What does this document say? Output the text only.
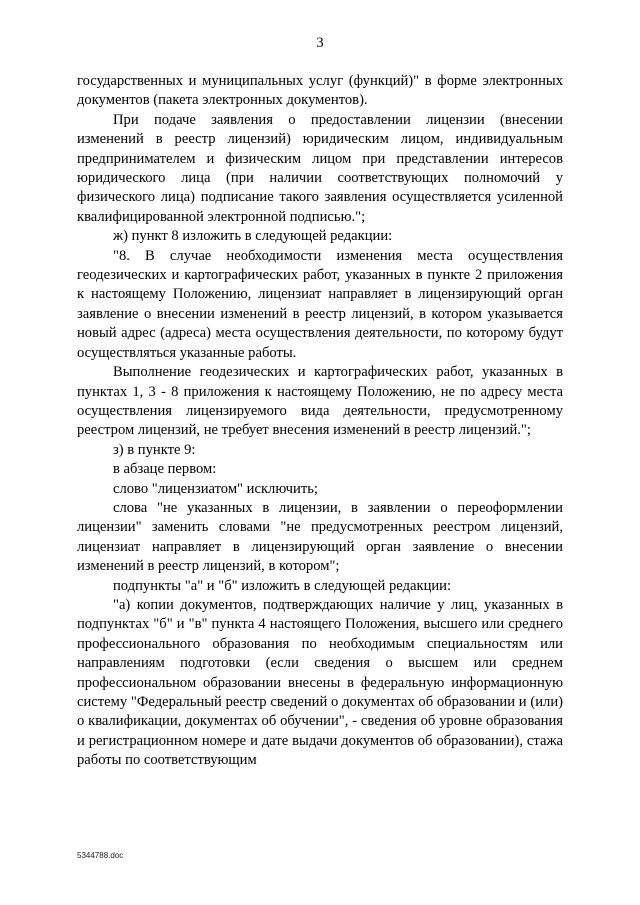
3

государственных и муниципальных услуг (функций)" в форме электронных документов (пакета электронных документов).

При подаче заявления о предоставлении лицензии (внесении изменений в реестр лицензий) юридическим лицом, индивидуальным предпринимателем и физическим лицом при представлении интересов юридического лица (при наличии соответствующих полномочий у физического лица) подписание такого заявления осуществляется усиленной квалифицированной электронной подписью.";

ж) пункт 8 изложить в следующей редакции:

"8. В случае необходимости изменения места осуществления геодезических и картографических работ, указанных в пункте 2 приложения к настоящему Положению, лицензиат направляет в лицензирующий орган заявление о внесении изменений в реестр лицензий, в котором указывается новый адрес (адреса) места осуществления деятельности, по которому будут осуществляться указанные работы.

Выполнение геодезических и картографических работ, указанных в пунктах 1, 3 - 8 приложения к настоящему Положению, не по адресу места осуществления лицензируемого вида деятельности, предусмотренному реестром лицензий, не требует внесения изменений в реестр лицензий.";

з) в пункте 9:

в абзаце первом:

слово "лицензиатом" исключить;

слова "не указанных в лицензии, в заявлении о переоформлении лицензии" заменить словами "не предусмотренных реестром лицензий, лицензиат направляет в лицензирующий орган заявление о внесении изменений в реестр лицензий, в котором";

подпункты "а" и "б" изложить в следующей редакции:

"а) копии документов, подтверждающих наличие у лиц, указанных в подпунктах "б" и "в" пункта 4 настоящего Положения, высшего или среднего профессионального образования по необходимым специальностям или направлениям подготовки (если сведения о высшем или среднем профессиональном образовании внесены в федеральную информационную систему "Федеральный реестр сведений о документах об образовании и (или) о квалификации, документах об обучении", - сведения об уровне образования и регистрационном номере и дате выдачи документов об образовании), стажа работы по соответствующим

5344788.doc
